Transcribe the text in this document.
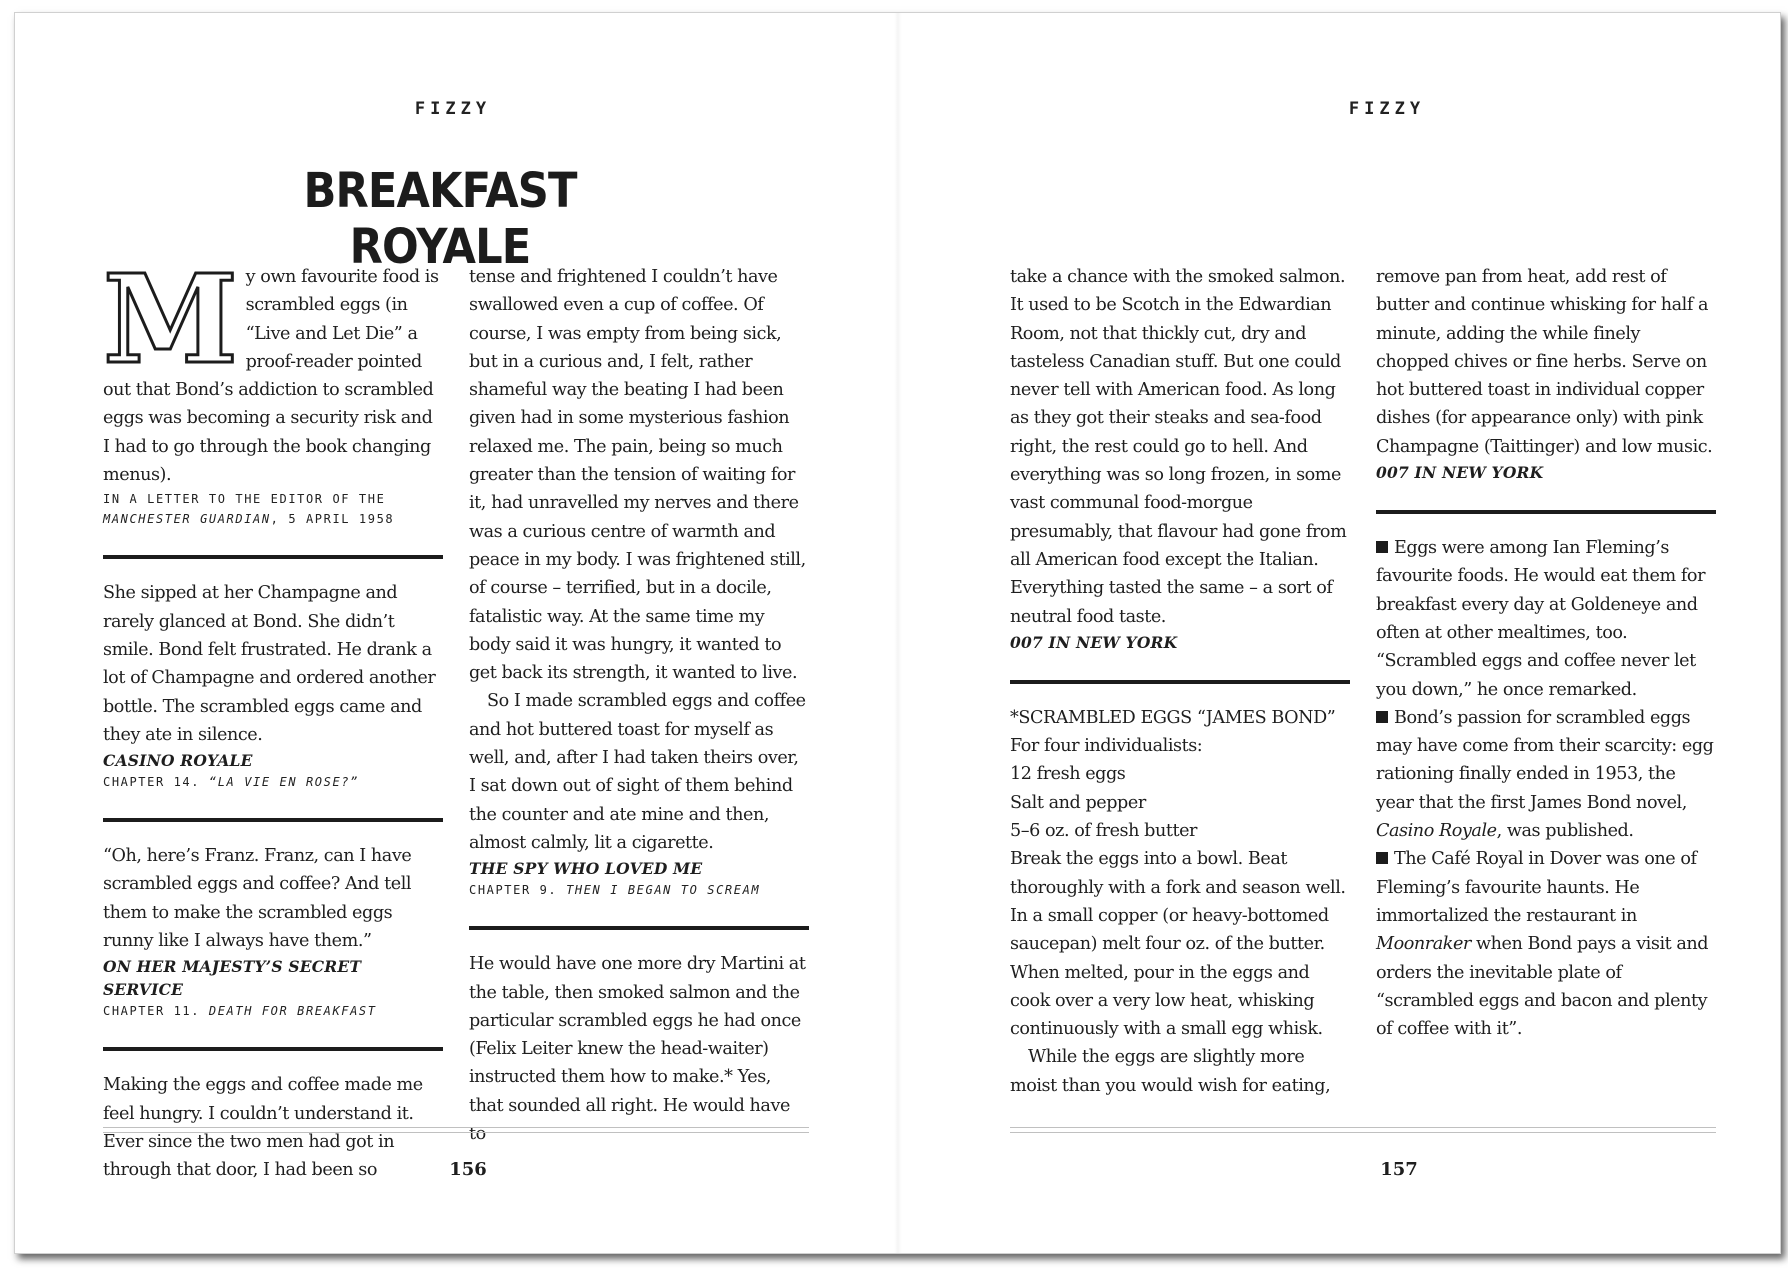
FIZZY
BREAKFAST ROYALE

My own favourite food is scrambled eggs (in “Live and Let Die” a proof-reader pointed out that Bond’s addiction to scrambled eggs was becoming a security risk and I had to go through the book changing menus).

IN A LETTER TO THE EDITOR OF THE
MANCHESTER GUARDIAN, 5 APRIL 1958

She sipped at her Champagne and rarely glanced at Bond. She didn’t smile. Bond felt frustrated. He drank a lot of Champagne and ordered another bottle. The scrambled eggs came and they ate in silence.

CASINO ROYALE
CHAPTER 14. “LA VIE EN ROSE?”

“Oh, here’s Franz. Franz, can I have scrambled eggs and coffee? And tell them to make the scrambled eggs runny like I always have them.”

ON HER MAJESTY’S SECRET SERVICE
CHAPTER 11. DEATH FOR BREAKFAST

Making the eggs and coffee made me feel hungry. I couldn’t understand it. Ever since the two men had got in through that door, I had been so

tense and frightened I couldn’t have swallowed even a cup of coffee. Of course, I was empty from being sick, but in a curious and, I felt, rather shameful way the beating I had been given had in some mysterious fashion relaxed me. The pain, being so much greater than the tension of waiting for it, had unravelled my nerves and there was a curious centre of warmth and peace in my body. I was frightened still, of course – terrified, but in a docile, fatalistic way. At the same time my body said it was hungry, it wanted to get back its strength, it wanted to live.

So I made scrambled eggs and coffee and hot buttered toast for myself as well, and, after I had taken theirs over, I sat down out of sight of them behind the counter and ate mine and then, almost calmly, lit a cigarette.

THE SPY WHO LOVED ME
CHAPTER 9. THEN I BEGAN TO SCREAM

He would have one more dry Martini at the table, then smoked salmon and the particular scrambled eggs he had once (Felix Leiter knew the head-waiter) instructed them how to make.* Yes, that sounded all right. He would have to

156
FIZZY

take a chance with the smoked salmon. It used to be Scotch in the Edwardian Room, not that thickly cut, dry and tasteless Canadian stuff. But one could never tell with American food. As long as they got their steaks and sea-food right, the rest could go to hell. And everything was so long frozen, in some vast communal food-morgue presumably, that flavour had gone from all American food except the Italian. Everything tasted the same – a sort of neutral food taste.

007 IN NEW YORK

*SCRAMBLED EGGS “JAMES BOND”

For four individualists:

12 fresh eggs

Salt and pepper

5–6 oz. of fresh butter

Break the eggs into a bowl. Beat thoroughly with a fork and season well. In a small copper (or heavy-bottomed saucepan) melt four oz. of the butter. When melted, pour in the eggs and cook over a very low heat, whisking continuously with a small egg whisk.

While the eggs are slightly more moist than you would wish for eating,

remove pan from heat, add rest of butter and continue whisking for half a minute, adding the while finely chopped chives or fine herbs. Serve on hot buttered toast in individual copper dishes (for appearance only) with pink Champagne (Taittinger) and low music.

007 IN NEW YORK

Eggs were among Ian Fleming’s favourite foods. He would eat them for breakfast every day at Goldeneye and often at other mealtimes, too. “Scrambled eggs and coffee never let you down,” he once remarked.

Bond’s passion for scrambled eggs may have come from their scarcity: egg rationing finally ended in 1953, the year that the first James Bond novel, Casino Royale, was published.

The Café Royal in Dover was one of Fleming’s favourite haunts. He immortalized the restaurant in Moonraker when Bond pays a visit and orders the inevitable plate of “scrambled eggs and bacon and plenty of coffee with it”.

157
